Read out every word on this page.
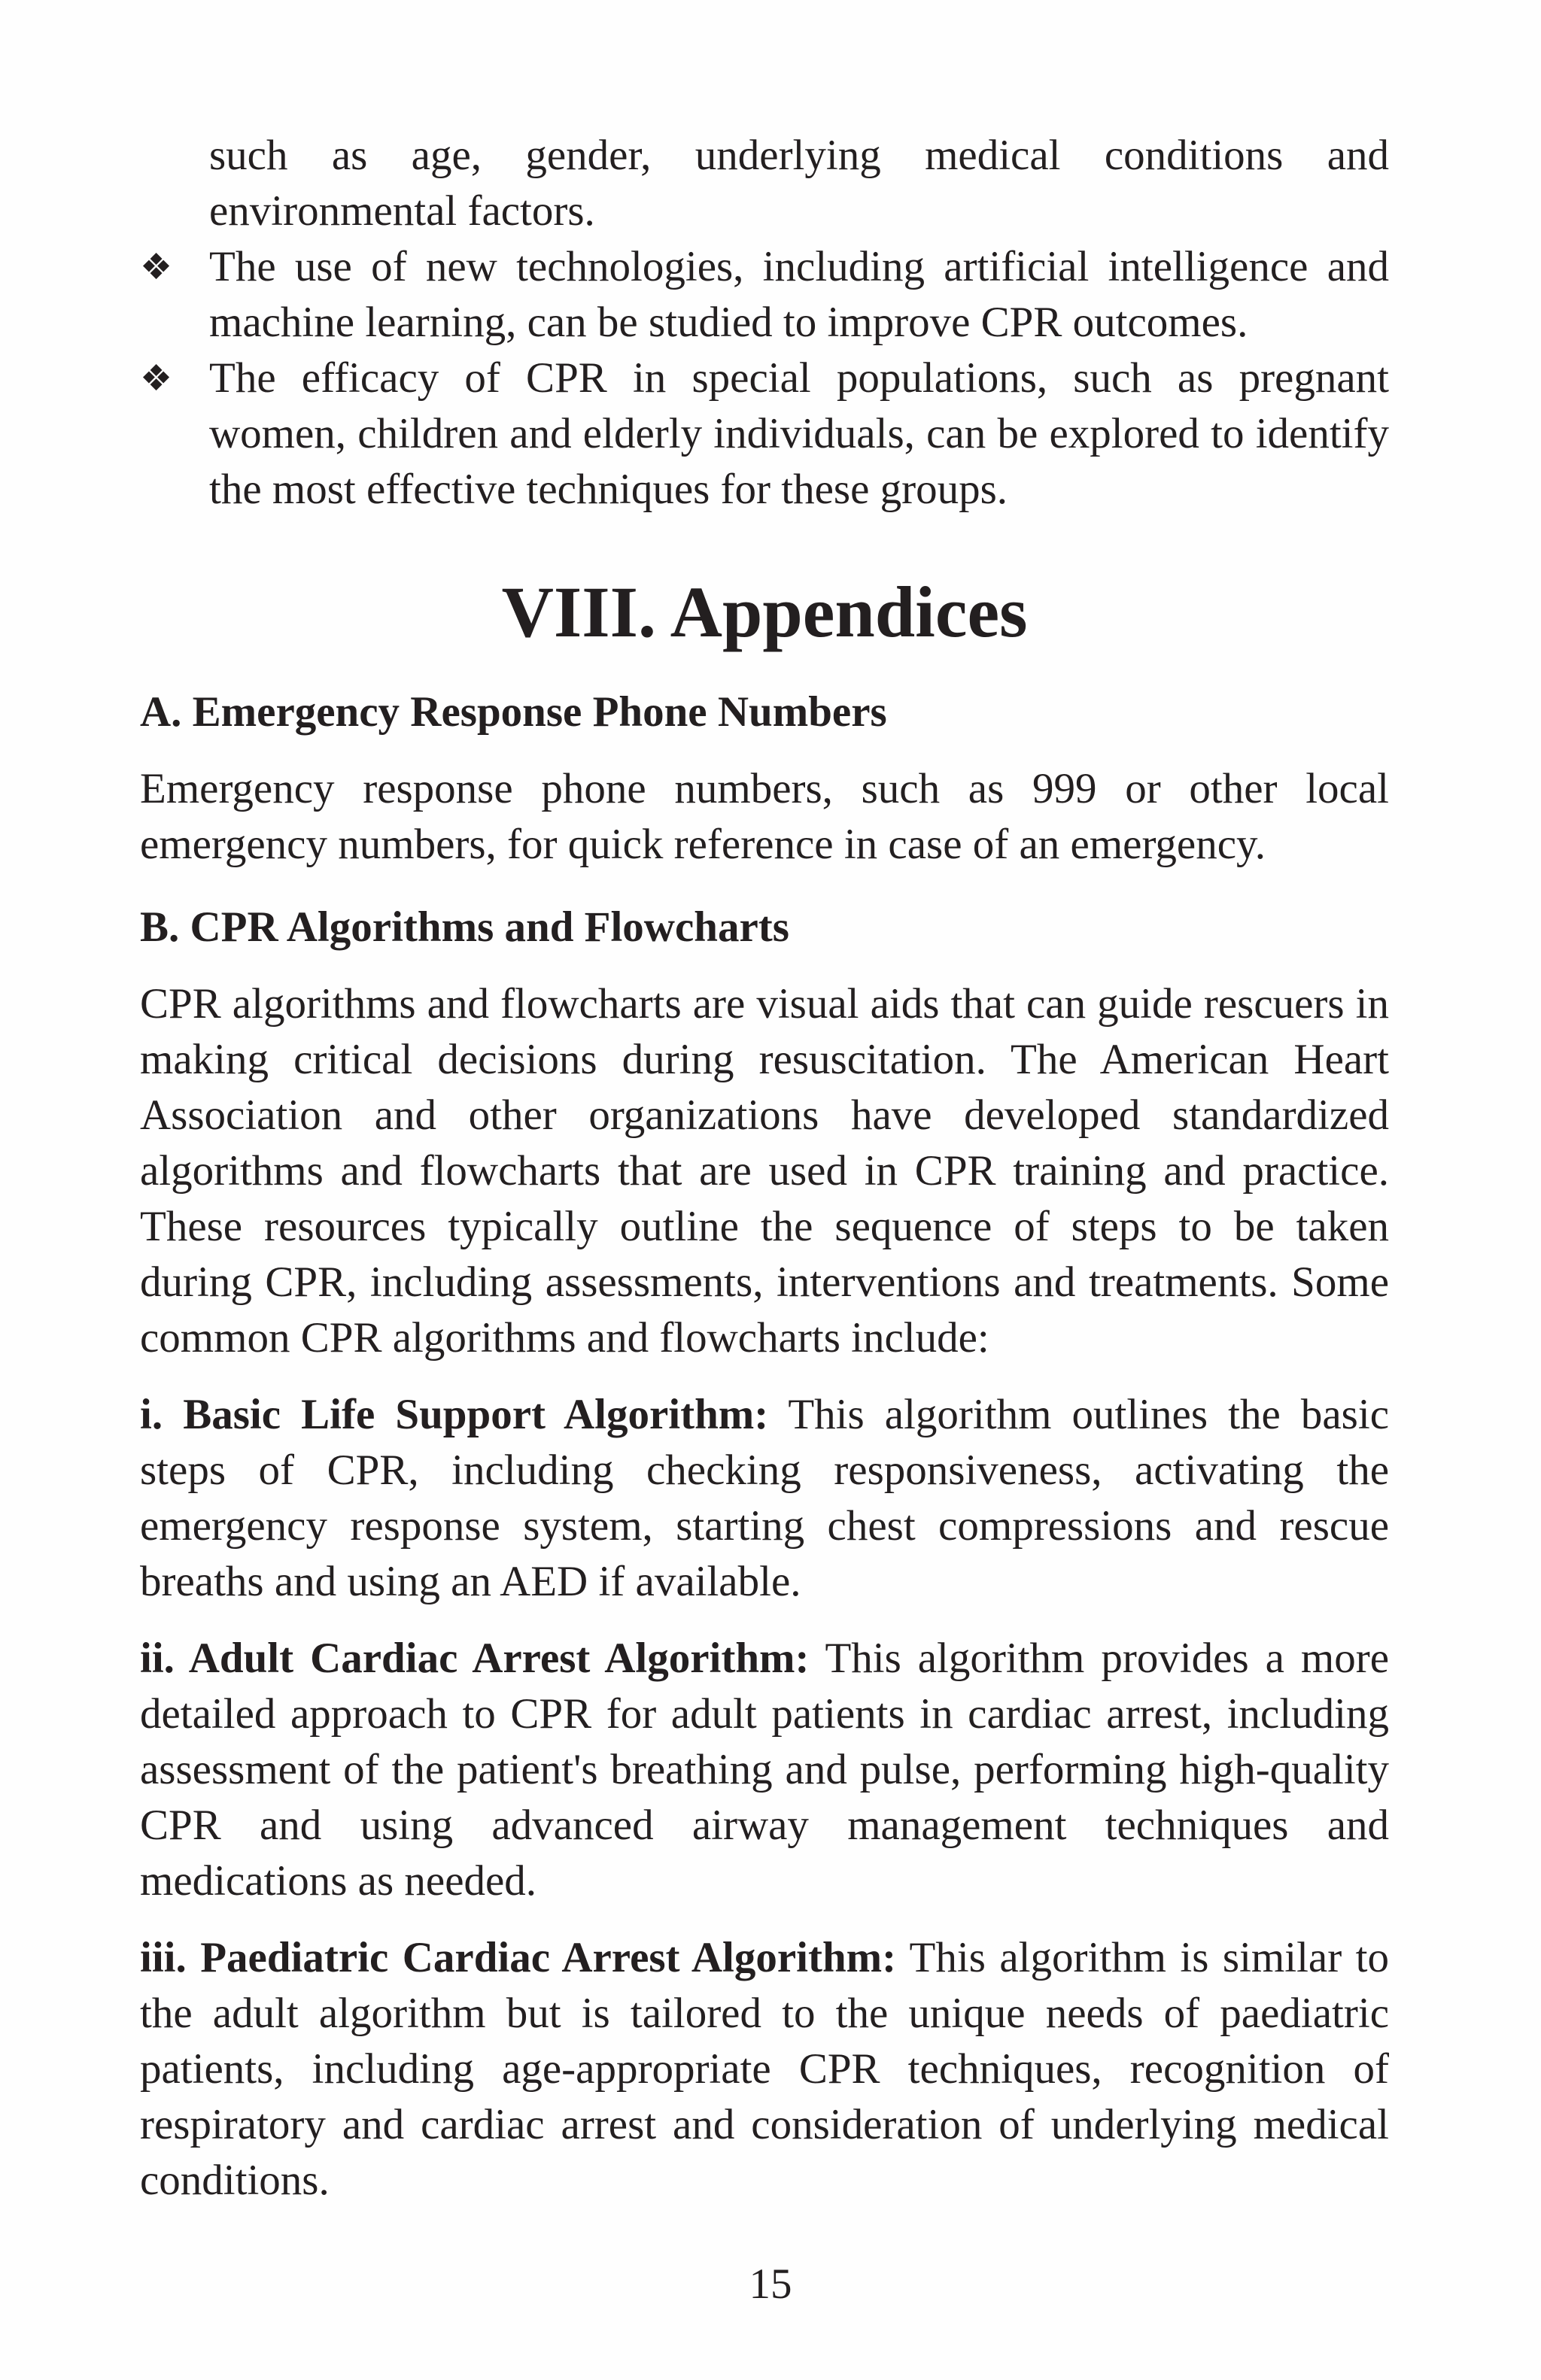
such as age, gender, underlying medical conditions and environmental factors.
❖ The use of new technologies, including artificial intelligence and machine learning, can be studied to improve CPR outcomes.
❖ The efficacy of CPR in special populations, such as pregnant women, children and elderly individuals, can be explored to identify the most effective techniques for these groups.
VIII. Appendices
A. Emergency Response Phone Numbers

Emergency response phone numbers, such as 999 or other local emergency numbers, for quick reference in case of an emergency.

B. CPR Algorithms and Flowcharts

CPR algorithms and flowcharts are visual aids that can guide rescuers in making critical decisions during resuscitation. The American Heart Association and other organizations have developed standardized algorithms and flowcharts that are used in CPR training and practice. These resources typically outline the sequence of steps to be taken during CPR, including assessments, interventions and treatments. Some common CPR algorithms and flowcharts include:

i. Basic Life Support Algorithm: This algorithm outlines the basic steps of CPR, including checking responsiveness, activating the emergency response system, starting chest compressions and rescue breaths and using an AED if available.

ii. Adult Cardiac Arrest Algorithm: This algorithm provides a more detailed approach to CPR for adult patients in cardiac arrest, including assessment of the patient's breathing and pulse, performing high-quality CPR and using advanced airway management techniques and medications as needed.

iii. Paediatric Cardiac Arrest Algorithm: This algorithm is similar to the adult algorithm but is tailored to the unique needs of paediatric patients, including age-appropriate CPR techniques, recognition of respiratory and cardiac arrest and consideration of underlying medical conditions.

15
